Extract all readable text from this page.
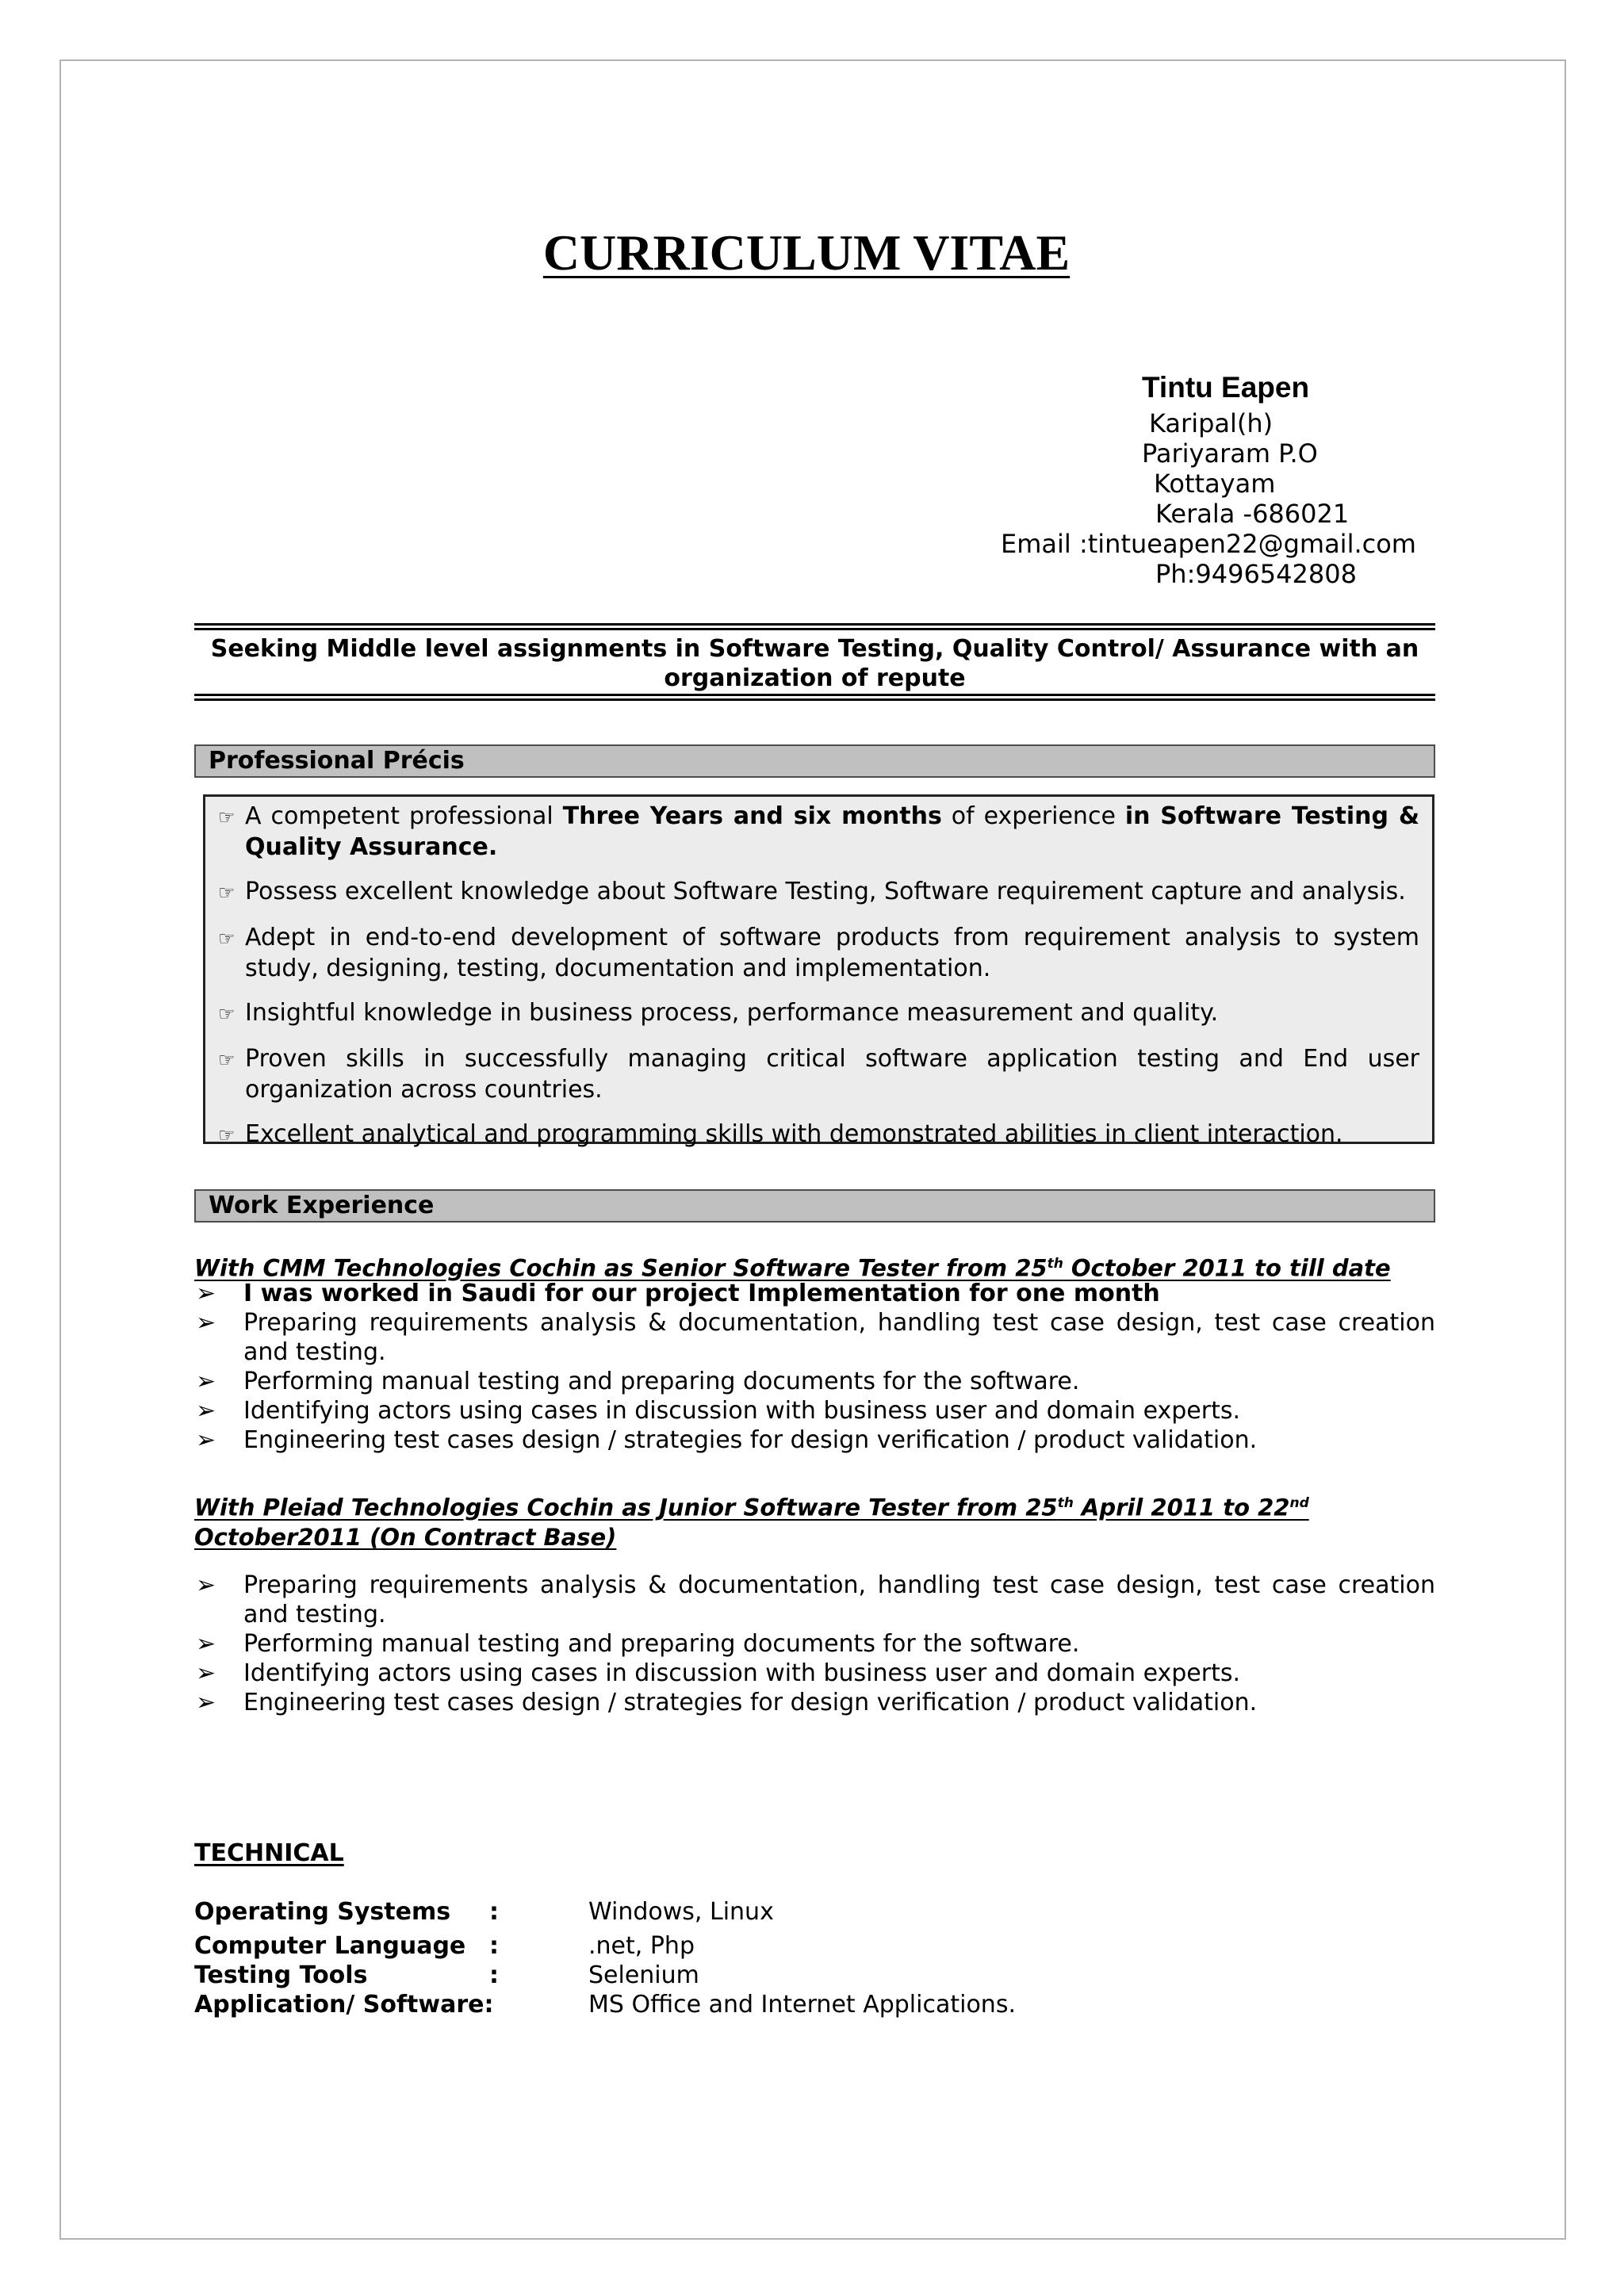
CURRICULUM VITAE
Tintu Eapen
Karipal(h)
Pariyaram P.O
Kottayam
Kerala -686021
Email :tintueapen22@gmail.com
Ph:9496542808
Seeking Middle level assignments in Software Testing, Quality Control/ Assurance with an organization of repute
Professional Précis
☞ A competent professional Three Years and six months of experience in Software Testing & Quality Assurance.
☞ Possess excellent knowledge about Software Testing, Software requirement capture and analysis.
☞ Adept in end-to-end development of software products from requirement analysis to system study, designing, testing, documentation and implementation.
☞ Insightful knowledge in business process, performance measurement and quality.
☞ Proven skills in successfully managing critical software application testing and End user organization across countries.
☞ Excellent analytical and programming skills with demonstrated abilities in client interaction.
Work Experience
With CMM Technologies Cochin as Senior Software Tester from 25th October 2011 to till date
➢ I was worked in Saudi for our project Implementation for one month
➢ Preparing requirements analysis & documentation, handling test case design, test case creation and testing.
➢ Performing manual testing and preparing documents for the software.
➢ Identifying actors using cases in discussion with business user and domain experts.
➢ Engineering test cases design / strategies for design verification / product validation.
With Pleiad Technologies Cochin as Junior Software Tester from 25th April 2011 to 22nd
October2011 (On Contract Base)
➢ Preparing requirements analysis & documentation, handling test case design, test case creation and testing.
➢ Performing manual testing and preparing documents for the software.
➢ Identifying actors using cases in discussion with business user and domain experts.
➢ Engineering test cases design / strategies for design verification / product validation.
TECHNICAL
Operating Systems :	Windows, Linux
Computer Language :	.net, Php
Testing Tools	:	Selenium
Application/ Software:	MS Office and Internet Applications.
